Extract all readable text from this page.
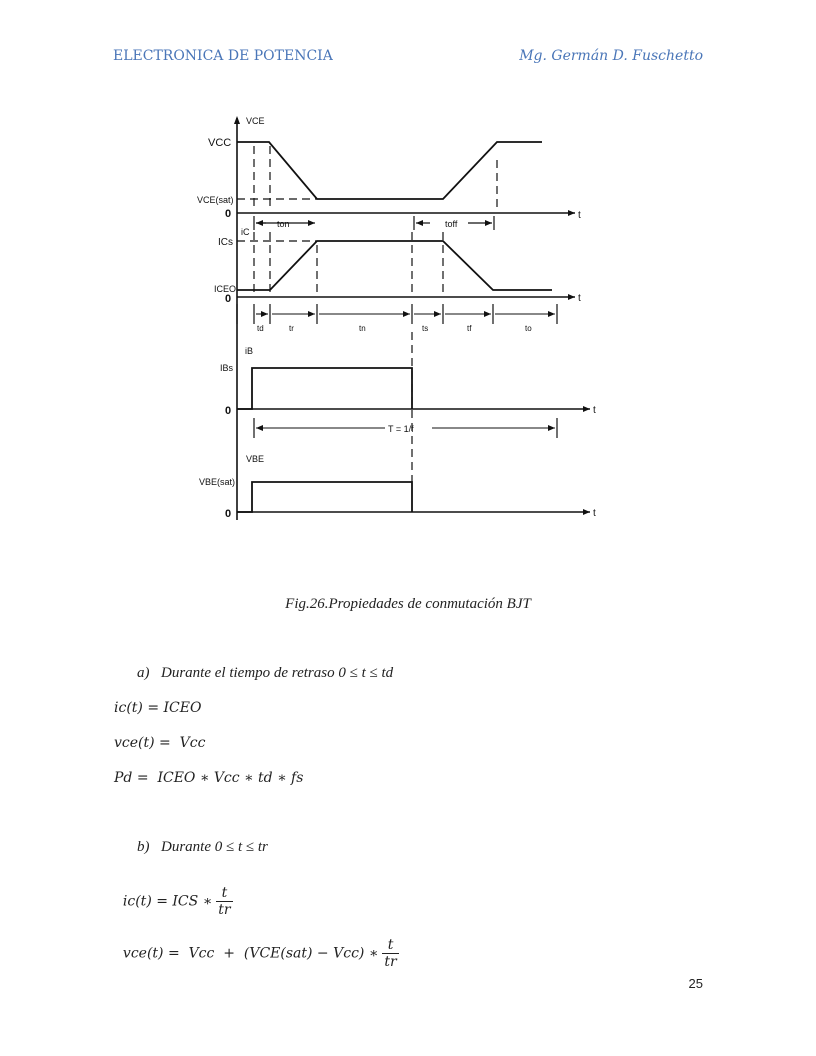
ELECTRONICA DE POTENCIA	Mg. Germán D. Fuschetto
VCE
VCC
VCE(sat)
0	t
ton	toff
iC
ICs
ICEO
0	t
td	tr	tn	ts	tf	to
iB
IBs
0	t
T = 1/f
VBE
VBE(sat)
0	t
Fig.26.Propiedades de conmutación BJT
a) Durante el tiempo de retraso 0 ≤ t ≤ td
ic(t) = ICEO
vce(t) =  Vcc
Pd =  ICEO ∗ Vcc ∗ td ∗ fs
b) Durante 0 ≤ t ≤ tr

ic(t) = ICS ∗ $\frac{t}{tr}$

vce(t) =  Vcc  +  (VCE(sat) − Vcc) ∗ $\frac{t}{tr}$

25
